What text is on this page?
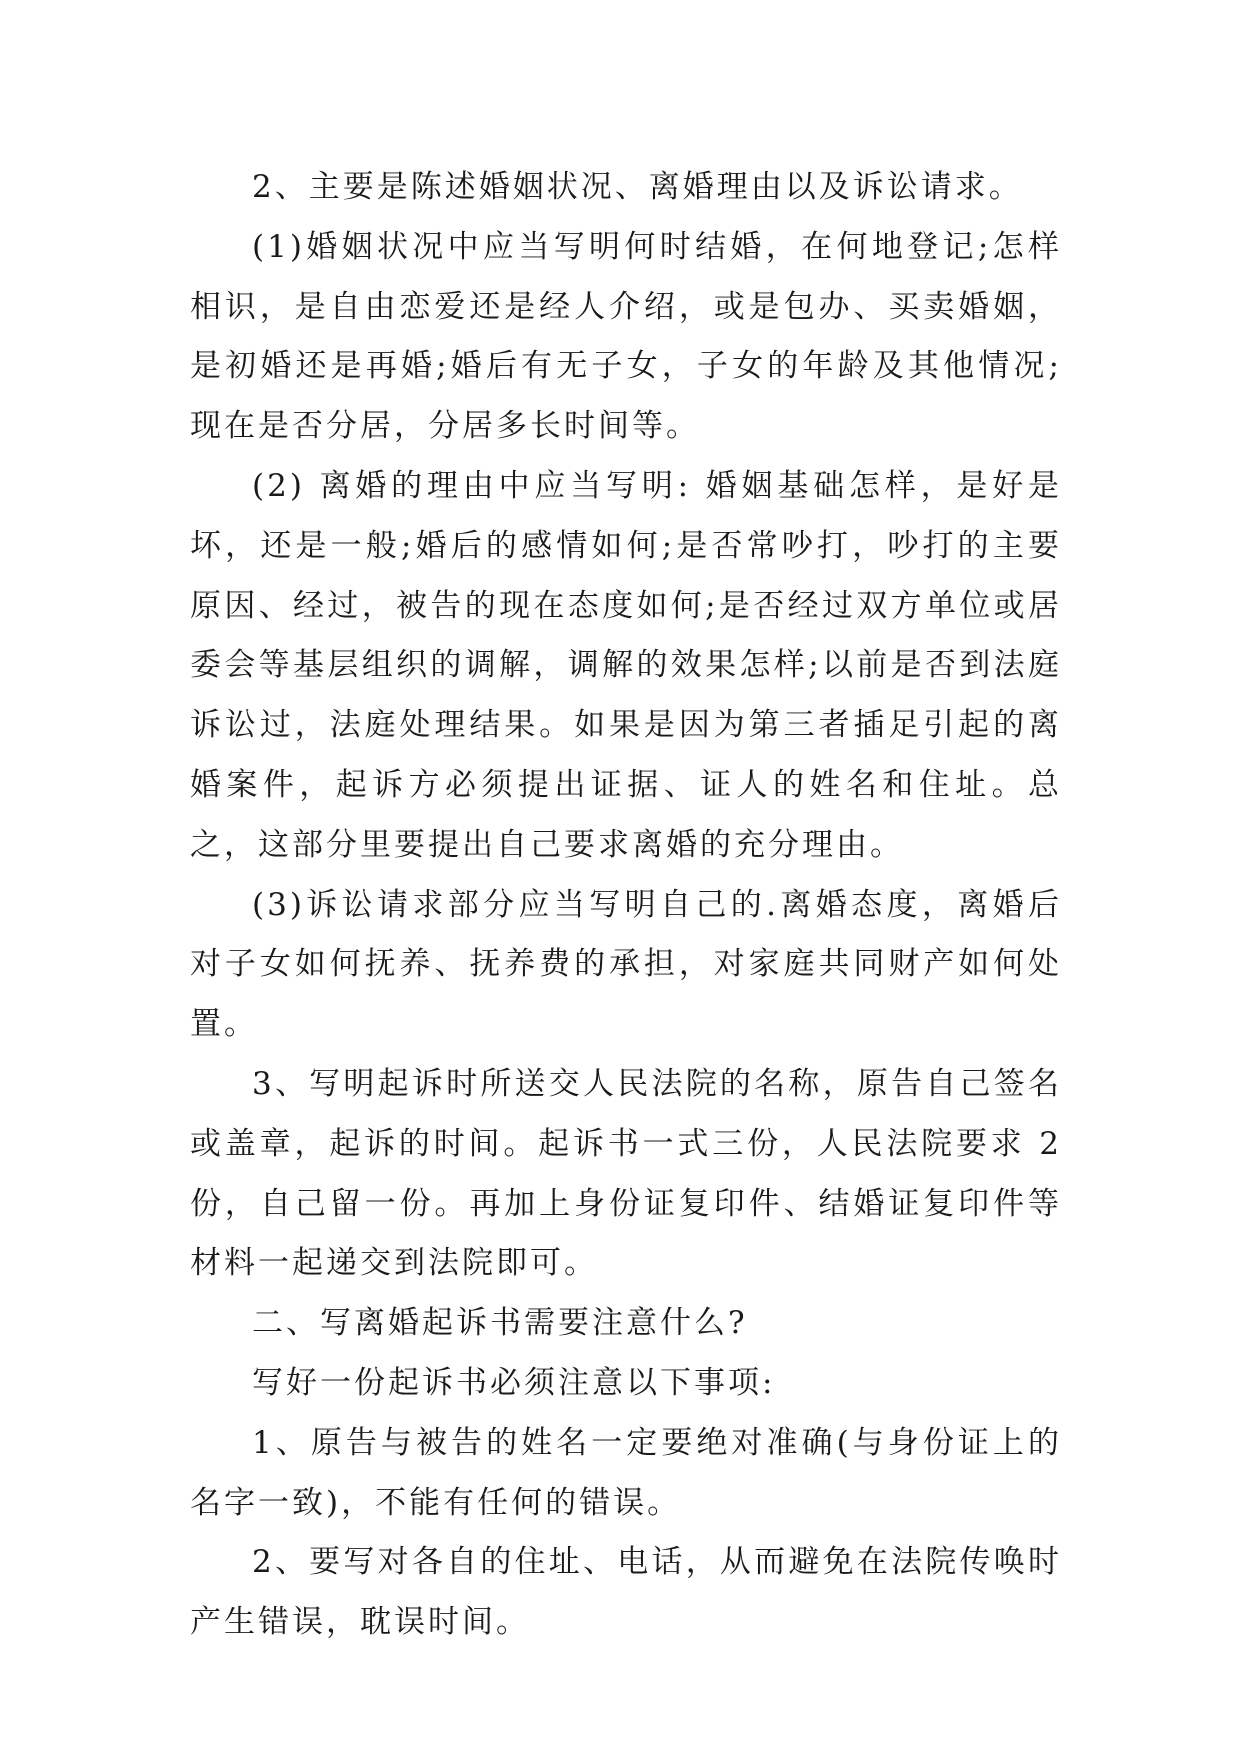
2、主要是陈述婚姻状况、离婚理由以及诉讼请求。

(1)婚姻状况中应当写明何时结婚，在何地登记;怎样相识，是自由恋爱还是经人介绍，或是包办、买卖婚姻，是初婚还是再婚;婚后有无子女，子女的年龄及其他情况;现在是否分居，分居多长时间等。

(2) 离婚的理由中应当写明: 婚姻基础怎样，是好是坏，还是一般;婚后的感情如何;是否常吵打，吵打的主要原因、经过，被告的现在态度如何;是否经过双方单位或居委会等基层组织的调解，调解的效果怎样;以前是否到法庭诉讼过，法庭处理结果。如果是因为第三者插足引起的离婚案件，起诉方必须提出证据、证人的姓名和住址。总之，这部分里要提出自己要求离婚的充分理由。

(3)诉讼请求部分应当写明自己的.离婚态度，离婚后对子女如何抚养、抚养费的承担，对家庭共同财产如何处置。

3、写明起诉时所送交人民法院的名称，原告自己签名或盖章，起诉的时间。起诉书一式三份，人民法院要求 2 份，自己留一份。再加上身份证复印件、结婚证复印件等材料一起递交到法院即可。

二、写离婚起诉书需要注意什么?

写好一份起诉书必须注意以下事项:

1、原告与被告的姓名一定要绝对准确(与身份证上的名字一致)，不能有任何的错误。

2、要写对各自的住址、电话，从而避免在法院传唤时产生错误，耽误时间。
